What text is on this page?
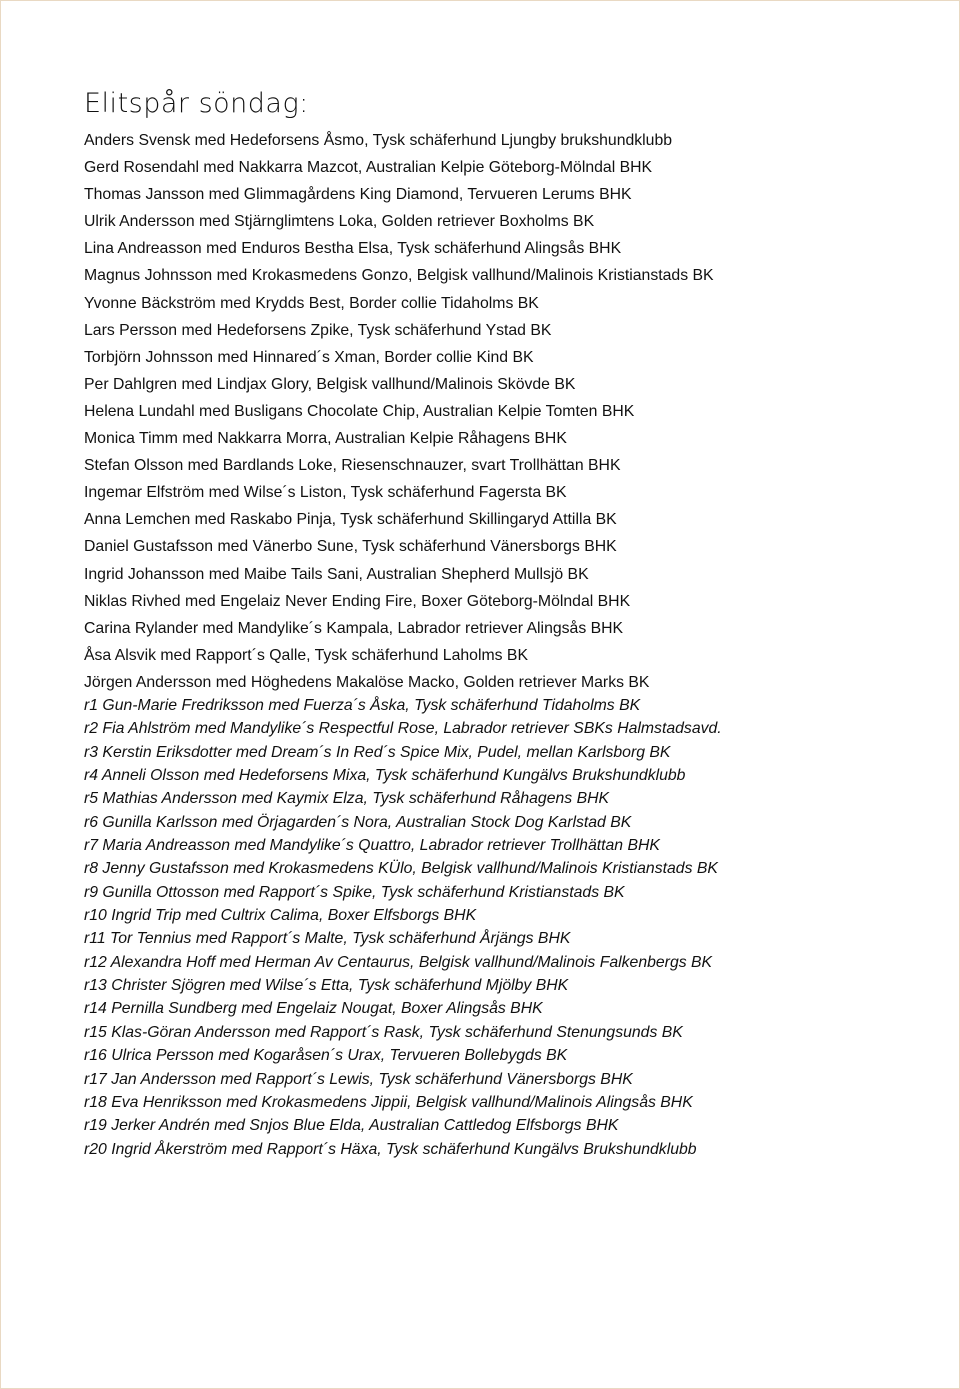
Elitspår söndag:
Anders Svensk med Hedeforsens Åsmo, Tysk schäferhund Ljungby brukshundklubb
Gerd Rosendahl med Nakkarra Mazcot, Australian Kelpie Göteborg-Mölndal BHK
Thomas Jansson med Glimmagårdens King Diamond, Tervueren Lerums BHK
Ulrik Andersson med Stjärnglimtens Loka, Golden retriever Boxholms BK
Lina Andreasson med Enduros Bestha Elsa, Tysk schäferhund Alingsås BHK
Magnus Johnsson med Krokasmedens Gonzo, Belgisk vallhund/Malinois Kristianstads BK
Yvonne Bäckström med Krydds Best, Border collie Tidaholms BK
Lars Persson med Hedeforsens Zpike, Tysk schäferhund Ystad BK
Torbjörn Johnsson med Hinnared´s Xman, Border collie Kind BK
Per Dahlgren med Lindjax Glory, Belgisk vallhund/Malinois Skövde BK
Helena Lundahl med Busligans Chocolate Chip, Australian Kelpie Tomten BHK
Monica Timm med Nakkarra Morra, Australian Kelpie Råhagens BHK
Stefan Olsson med Bardlands Loke, Riesenschnauzer, svart Trollhättan BHK
Ingemar Elfström med Wilse´s Liston, Tysk schäferhund Fagersta BK
Anna Lemchen med Raskabo Pinja, Tysk schäferhund Skillingaryd Attilla BK
Daniel Gustafsson med Vänerbo Sune, Tysk schäferhund Vänersborgs BHK
Ingrid Johansson med Maibe Tails Sani, Australian Shepherd Mullsjö BK
Niklas Rivhed med Engelaiz Never Ending Fire, Boxer Göteborg-Mölndal BHK
Carina Rylander med Mandylike´s Kampala, Labrador retriever Alingsås BHK
Åsa Alsvik med Rapport´s Qalle, Tysk schäferhund Laholms BK
Jörgen Andersson med Höghedens Makalöse Macko, Golden retriever Marks BK
r1 Gun-Marie Fredriksson med Fuerza´s Åska, Tysk schäferhund Tidaholms BK
r2 Fia Ahlström med Mandylike´s Respectful Rose, Labrador retriever SBKs Halmstadsavd.
r3 Kerstin Eriksdotter med Dream´s In Red´s Spice Mix, Pudel, mellan Karlsborg BK
r4 Anneli Olsson med Hedeforsens Mixa, Tysk schäferhund Kungälvs Brukshundklubb
r5 Mathias Andersson med Kaymix Elza, Tysk schäferhund Råhagens BHK
r6 Gunilla Karlsson med Örjagarden´s Nora, Australian Stock Dog Karlstad BK
r7 Maria Andreasson med Mandylike´s Quattro, Labrador retriever Trollhättan BHK
r8 Jenny Gustafsson med Krokasmedens KÜlo, Belgisk vallhund/Malinois Kristianstads BK
r9 Gunilla Ottosson med Rapport´s Spike, Tysk schäferhund Kristianstads BK
r10 Ingrid Trip med Cultrix Calima, Boxer Elfsborgs BHK
r11 Tor Tennius med Rapport´s Malte, Tysk schäferhund Årjängs BHK
r12 Alexandra Hoff med Herman Av Centaurus, Belgisk vallhund/Malinois Falkenbergs BK
r13 Christer Sjögren med Wilse´s Etta, Tysk schäferhund Mjölby BHK
r14 Pernilla Sundberg med Engelaiz Nougat, Boxer Alingsås BHK
r15 Klas-Göran Andersson med Rapport´s Rask, Tysk schäferhund Stenungsunds BK
r16 Ulrica Persson med Kogaråsen´s Urax, Tervueren Bollebygds BK
r17 Jan Andersson med Rapport´s Lewis, Tysk schäferhund Vänersborgs BHK
r18 Eva Henriksson med Krokasmedens Jippii, Belgisk vallhund/Malinois Alingsås BHK
r19 Jerker Andrén med Snjos Blue Elda, Australian Cattledog Elfsborgs BHK
r20 Ingrid Åkerström med Rapport´s Häxa, Tysk schäferhund Kungälvs Brukshundklubb
